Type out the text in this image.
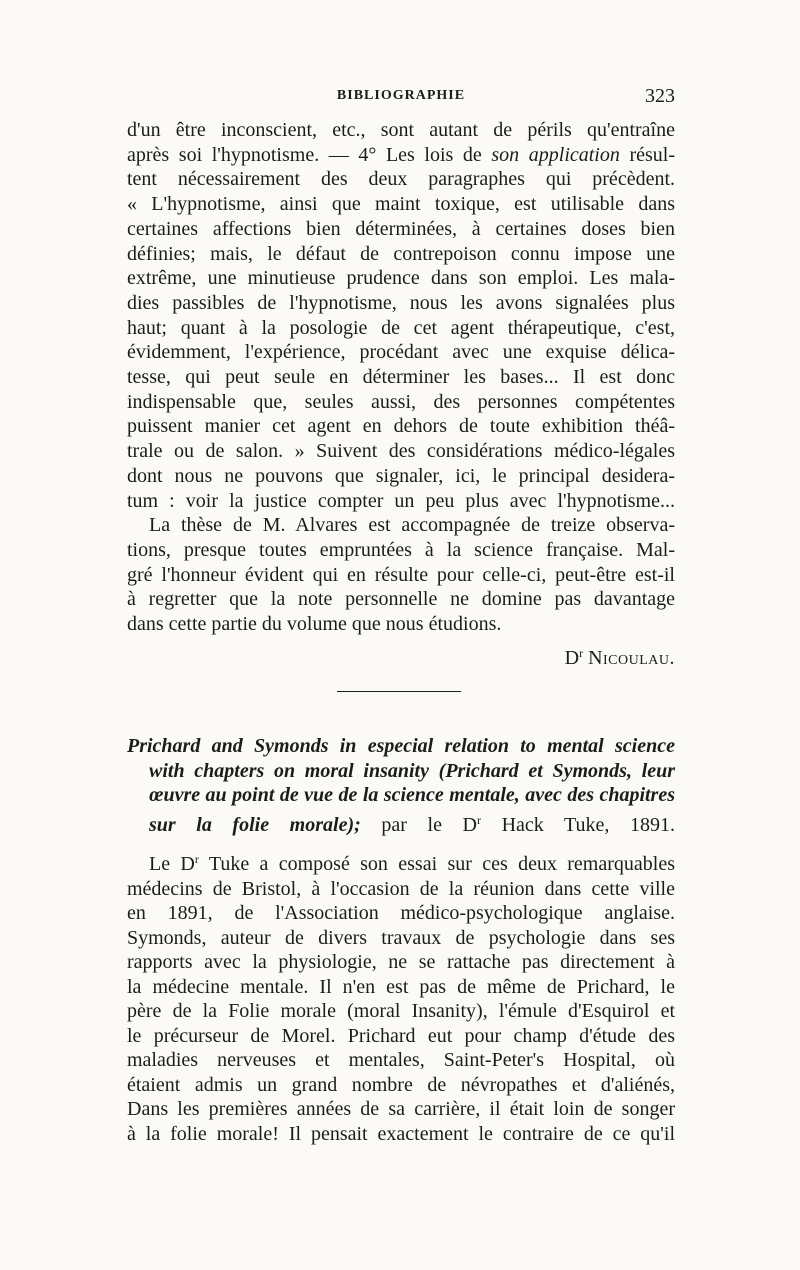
BIBLIOGRAPHIE	323
d'un être inconscient, etc., sont autant de périls qu'entraîne
après soi l'hypnotisme. — 4° Les lois de son application résul-
tent nécessairement des deux paragraphes qui précèdent.
« L'hypnotisme, ainsi que maint toxique, est utilisable dans
certaines affections bien déterminées, à certaines doses bien
définies; mais, le défaut de contrepoison connu impose une
extrême, une minutieuse prudence dans son emploi. Les mala-
dies passibles de l'hypnotisme, nous les avons signalées plus
haut; quant à la posologie de cet agent thérapeutique, c'est,
évidemment, l'expérience, procédant avec une exquise délica-
tesse, qui peut seule en déterminer les bases... Il est donc
indispensable que, seules aussi, des personnes compétentes
puissent manier cet agent en dehors de toute exhibition théâ-
trale ou de salon. » Suivent des considérations médico-légales
dont nous ne pouvons que signaler, ici, le principal desidera-
tum : voir la justice compter un peu plus avec l'hypnotisme...
La thèse de M. Alvares est accompagnée de treize observa-
tions, presque toutes empruntées à la science française. Mal-
gré l'honneur évident qui en résulte pour celle-ci, peut-être est-il
à regretter que la note personnelle ne domine pas davantage
dans cette partie du volume que nous étudions.
$D^r$ Nicoulau.
Prichard and Symonds in especial relation to mental science
with chapters on moral insanity (Prichard et Symonds, leur
œuvre au point de vue de la science mentale, avec des chapitres
sur la folie morale); par le $D^r$ Hack Tuke, 1891.
Le $D^r$ Tuke a composé son essai sur ces deux remarquables
médecins de Bristol, à l'occasion de la réunion dans cette ville
en 1891, de l'Association médico-psychologique anglaise.
Symonds, auteur de divers travaux de psychologie dans ses
rapports avec la physiologie, ne se rattache pas directement à
la médecine mentale. Il n'en est pas de même de Prichard, le
père de la Folie morale (moral Insanity), l'émule d'Esquirol et
le précurseur de Morel. Prichard eut pour champ d'étude des
maladies nerveuses et mentales, Saint-Peter's Hospital, où
étaient admis un grand nombre de névropathes et d'aliénés,
Dans les premières années de sa carrière, il était loin de songer
à la folie morale! Il pensait exactement le contraire de ce qu'il
